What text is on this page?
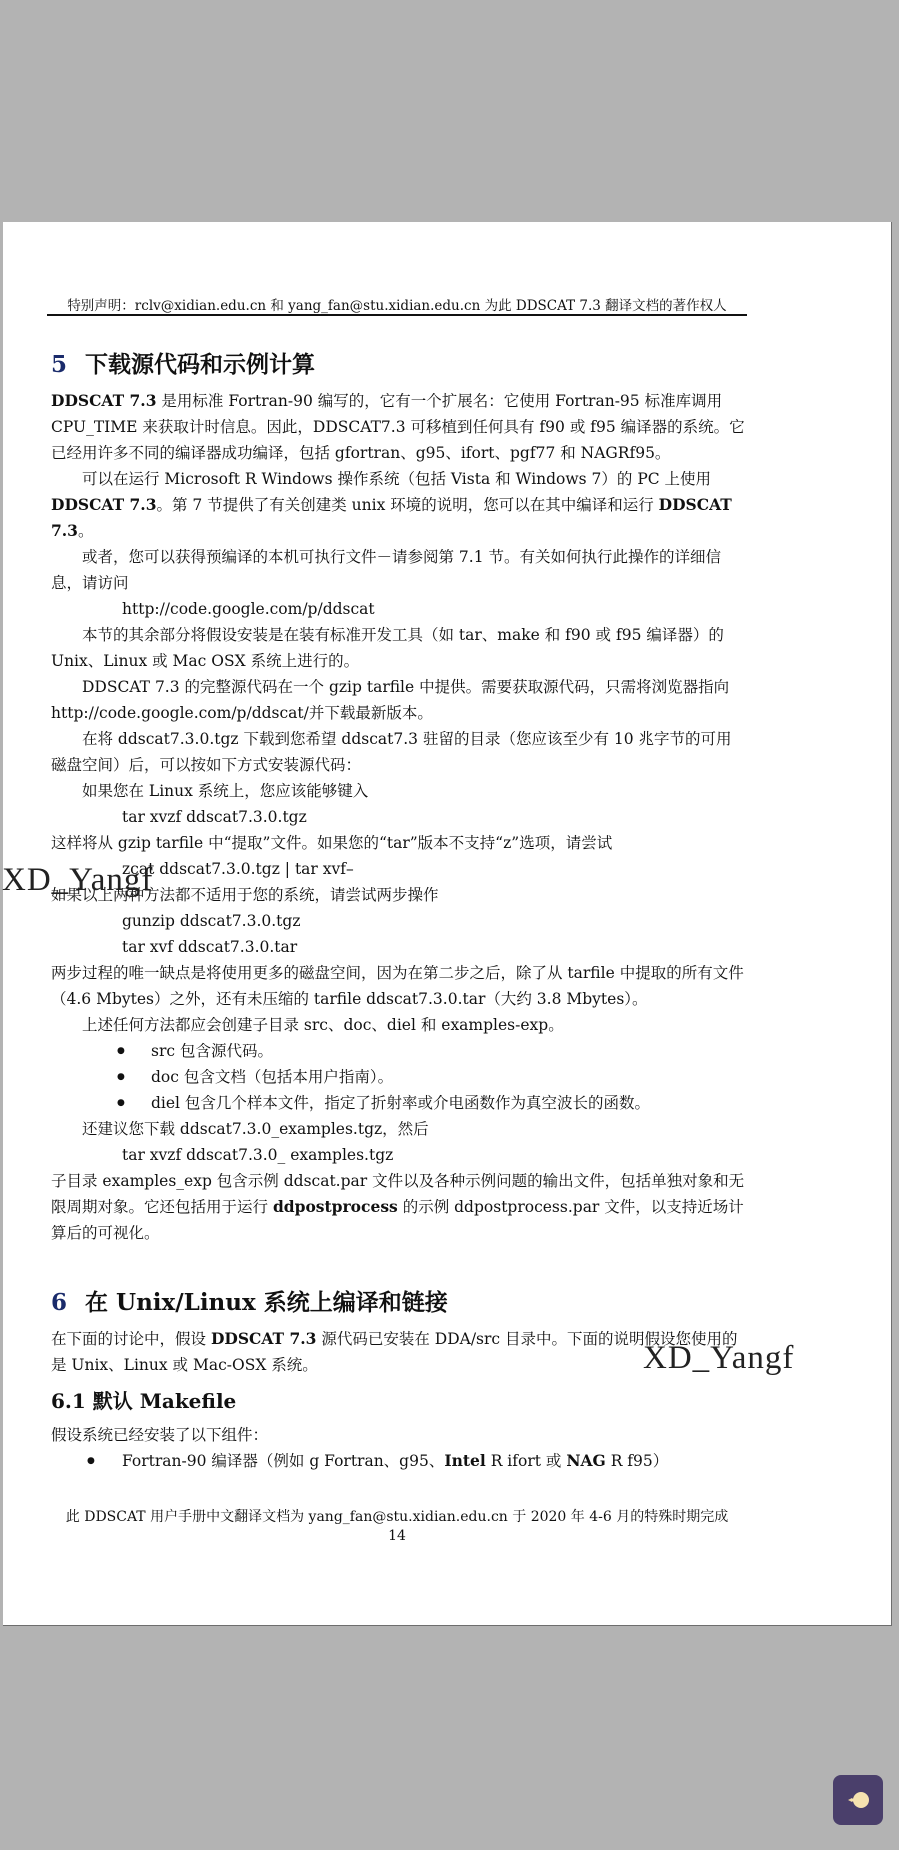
特别声明：rclv@xidian.edu.cn 和 yang_fan@stu.xidian.edu.cn 为此 DDSCAT 7.3 翻译文档的著作权人
5 下载源代码和示例计算

DDSCAT 7.3 是用标准 Fortran-90 编写的，它有一个扩展名：它使用 Fortran-95 标准库调用 CPU_TIME 来获取计时信息。因此，DDSCAT7.3 可移植到任何具有 f90 或 f95 编译器的系统。它已经用许多不同的编译器成功编译，包括 gfortran、g95、ifort、pgf77 和 NAGRf95。

可以在运行 Microsoft R Windows 操作系统（包括 Vista 和 Windows 7）的 PC 上使用 DDSCAT 7.3。第 7 节提供了有关创建类 unix 环境的说明，您可以在其中编译和运行 DDSCAT 7.3。

或者，您可以获得预编译的本机可执行文件－请参阅第 7.1 节。有关如何执行此操作的详细信息，请访问

http://code.google.com/p/ddscat

本节的其余部分将假设安装是在装有标准开发工具（如 tar、make 和 f90 或 f95 编译器）的 Unix、Linux 或 Mac OSX 系统上进行的。

DDSCAT 7.3 的完整源代码在一个 gzip tarfile 中提供。需要获取源代码，只需将浏览器指向 http://code.google.com/p/ddscat/并下载最新版本。

在将 ddscat7.3.0.tgz 下载到您希望 ddscat7.3 驻留的目录（您应该至少有 10 兆字节的可用磁盘空间）后，可以按如下方式安装源代码：

如果您在 Linux 系统上，您应该能够键入

tar xvzf ddscat7.3.0.tgz

这样将从 gzip tarfile 中“提取”文件。如果您的“tar”版本不支持“z”选项，请尝试

zcat ddscat7.3.0.tgz | tar xvf–

如果以上两种方法都不适用于您的系统，请尝试两步操作

gunzip ddscat7.3.0.tgz

tar xvf ddscat7.3.0.tar

两步过程的唯一缺点是将使用更多的磁盘空间，因为在第二步之后，除了从 tarfile 中提取的所有文件（4.6 Mbytes）之外，还有未压缩的 tarfile ddscat7.3.0.tar（大约 3.8 Mbytes）。

上述任何方法都应会创建子目录 src、doc、diel 和 examples-exp。

● src 包含源代码。

● doc 包含文档（包括本用户指南）。

● diel 包含几个样本文件，指定了折射率或介电函数作为真空波长的函数。

还建议您下载 ddscat7.3.0_examples.tgz，然后

tar xvzf ddscat7.3.0_ examples.tgz

子目录 examples_exp 包含示例 ddscat.par 文件以及各种示例问题的输出文件，包括单独对象和无限周期对象。它还包括用于运行 ddpostprocess 的示例 ddpostprocess.par 文件，以支持近场计算后的可视化。

6 在 Unix/Linux 系统上编译和链接

在下面的讨论中，假设 DDSCAT 7.3 源代码已安装在 DDA/src 目录中。下面的说明假设您使用的是 Unix、Linux 或 Mac-OSX 系统。

6.1 默认 Makefile

假设系统已经安装了以下组件：

● Fortran-90 编译器（例如 g Fortran、g95、Intel R ifort 或 NAG R f95）

此 DDSCAT 用户手册中文翻译文档为 yang_fan@stu.xidian.edu.cn 于 2020 年 4-6 月的特殊时期完成
14
XD_Yangf
XD_Yangf
